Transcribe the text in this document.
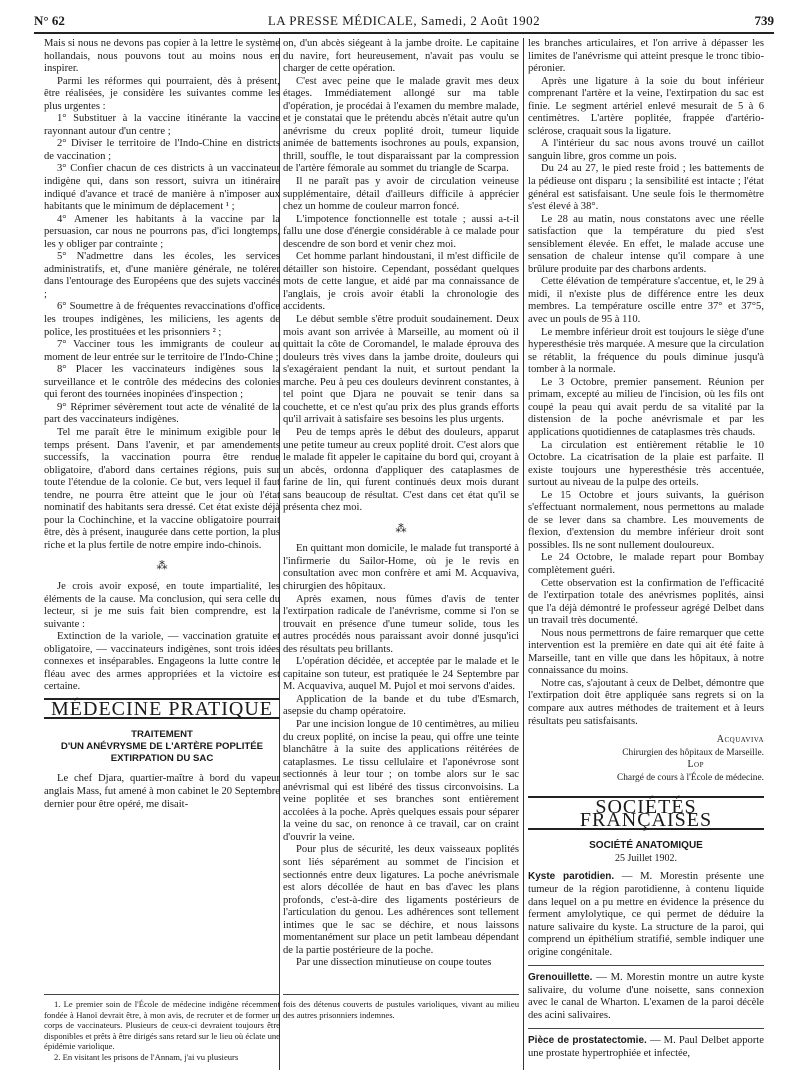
N° 62	LA PRESSE MÉDICALE, Samedi, 2 Août 1902	739

Mais si nous ne devons pas copier à la lettre le système hollandais, nous pouvons tout au moins nous en inspirer.

Parmi les réformes qui pourraient, dès à présent, être réalisées, je considère les suivantes comme les plus urgentes :

1° Substituer à la vaccine itinérante la vaccine rayonnant autour d'un centre ;

2° Diviser le territoire de l'Indo-Chine en districts de vaccination ;

3° Confier chacun de ces districts à un vaccinateur indigène qui, dans son ressort, suivra un itinéraire indiqué d'avance et tracé de manière à n'imposer aux habitants que le minimum de déplacement ¹ ;

4° Amener les habitants à la vaccine par la persuasion, car nous ne pourrons pas, d'ici longtemps, les y obliger par contrainte ;

5° N'admettre dans les écoles, les services administratifs, et, d'une manière générale, ne tolérer dans l'entourage des Européens que des sujets vaccinés ;

6° Soumettre à de fréquentes revaccinations d'office les troupes indigènes, les miliciens, les agents de police, les prostituées et les prisonniers ² ;

7° Vacciner tous les immigrants de couleur au moment de leur entrée sur le territoire de l'Indo-Chine ;

8° Placer les vaccinateurs indigènes sous la surveillance et le contrôle des médecins des colonies qui feront des tournées inopinées d'inspection ;

9° Réprimer sévèrement tout acte de vénalité de la part des vaccinateurs indigènes.

Tel me paraît être le minimum exigible pour le temps présent. Dans l'avenir, et par amendements successifs, la vaccination pourra être rendue obligatoire, d'abord dans certaines régions, puis sur toute l'étendue de la colonie. Ce but, vers lequel il faut tendre, ne pourra être atteint que le jour où l'état nominatif des habitants sera dressé. Cet état existe déjà pour la Cochinchine, et la vaccine obligatoire pourrait être, dès à présent, inaugurée dans cette portion, la plus riche et la plus fertile de notre empire indo-chinois.

⁂

Je crois avoir exposé, en toute impartialité, les éléments de la cause. Ma conclusion, qui sera celle du lecteur, si je me suis fait bien comprendre, est la suivante :

Extinction de la variole, — vaccination gratuite et obligatoire, — vaccinateurs indigènes, sont trois idées connexes et inséparables. Engageons la lutte contre le fléau avec des armes appropriées et la victoire est certaine.

MÉDECINE PRATIQUE
TRAITEMENT
D'UN ANÉVRYSME DE L'ARTÈRE POPLITÉE
EXTIRPATION DU SAC

Le chef Djara, quartier-maître à bord du vapeur anglais Mass, fut amené à mon cabinet le 20 Septembre dernier pour être opéré, me disait-

on, d'un abcès siégeant à la jambe droite. Le capitaine du navire, fort heureusement, n'avait pas voulu se charger de cette opération.

C'est avec peine que le malade gravit mes deux étages. Immédiatement allongé sur ma table d'opération, je procédai à l'examen du membre malade, et je constatai que le prétendu abcès n'était autre qu'un anévrisme du creux poplité droit, tumeur liquide animée de battements isochrones au pouls, expansion, thrill, souffle, le tout disparaissant par la compression de l'artère fémorale au sommet du triangle de Scarpa.

Il ne paraît pas y avoir de circulation veineuse supplémentaire, détail d'ailleurs difficile à apprécier chez un homme de couleur marron foncé.

L'impotence fonctionnelle est totale ; aussi a-t-il fallu une dose d'énergie considérable à ce malade pour descendre de son bord et venir chez moi.

Cet homme parlant hindoustani, il m'est difficile de détailler son histoire. Cependant, possédant quelques mots de cette langue, et aidé par ma connaissance de l'anglais, je crois avoir établi la chronologie des accidents.

Le début semble s'être produit soudainement. Deux mois avant son arrivée à Marseille, au moment où il quittait la côte de Coromandel, le malade éprouva des douleurs très vives dans la jambe droite, douleurs qui s'exagéraient pendant la nuit, et surtout pendant la marche. Peu à peu ces douleurs devinrent constantes, à tel point que Djara ne pouvait se tenir dans sa couchette, et ce n'est qu'au prix des plus grands efforts qu'il arrivait à satisfaire ses besoins les plus urgents.

Peu de temps après le début des douleurs, apparut une petite tumeur au creux poplité droit. C'est alors que le malade fit appeler le capitaine du bord qui, croyant à un abcès, ordonna d'appliquer des cataplasmes de farine de lin, qui furent continués deux mois durant sans beaucoup de résultat. C'est dans cet état qu'il se présenta chez moi.

⁂

En quittant mon domicile, le malade fut transporté à l'infirmerie du Sailor-Home, où je le revis en consultation avec mon confrère et ami M. Acquaviva, chirurgien des hôpitaux.

Après examen, nous fûmes d'avis de tenter l'extirpation radicale de l'anévrisme, comme si l'on se trouvait en présence d'une tumeur solide, tous les autres procédés nous paraissant avoir donné jusqu'ici des résultats peu brillants.

L'opération décidée, et acceptée par le malade et le capitaine son tuteur, est pratiquée le 24 Septembre par M. Acquaviva, auquel M. Pujol et moi servons d'aides.

Application de la bande et du tube d'Esmarch, asepsie du champ opératoire.

Par une incision longue de 10 centimètres, au milieu du creux poplité, on incise la peau, qui offre une teinte blanchâtre à la suite des applications réitérées de cataplasmes. Le tissu cellulaire et l'aponévrose sont sectionnés à leur tour ; on tombe alors sur le sac anévrismal qui est libéré des tissus circonvoisins. La veine poplitée et ses branches sont entièrement accolées à la poche. Après quelques essais pour séparer la veine du sac, on renonce à ce travail, car on craint d'ouvrir la veine.

Pour plus de sécurité, les deux vaisseaux poplités sont liés séparément au sommet de l'incision et sectionnés entre deux ligatures. La poche anévrismale est alors décollée de haut en bas d'avec les plans profonds, c'est-à-dire des ligaments postérieurs de l'articulation du genou. Les adhérences sont tellement intimes que le sac se déchire, et nous laissons momentanément sur place un petit lambeau dépendant de la partie postérieure de la poche.

Par une dissection minutieuse on coupe toutes

les branches articulaires, et l'on arrive à dépasser les limites de l'anévrisme qui atteint presque le tronc tibio-péronier.

Après une ligature à la soie du bout inférieur comprenant l'artère et la veine, l'extirpation du sac est finie. Le segment artériel enlevé mesurait de 5 à 6 centimètres. L'artère poplitée, frappée d'artério-sclérose, craquait sous la ligature.

A l'intérieur du sac nous avons trouvé un caillot sanguin libre, gros comme un pois.

Du 24 au 27, le pied reste froid ; les battements de la pédieuse ont disparu ; la sensibilité est intacte ; l'état général est satisfaisant. Une seule fois le thermomètre s'est élevé à 38°.

Le 28 au matin, nous constatons avec une réelle satisfaction que la température du pied s'est sensiblement élevée. En effet, le malade accuse une sensation de chaleur intense qu'il compare à une brûlure produite par des charbons ardents.

Cette élévation de température s'accentue, et, le 29 à midi, il n'existe plus de différence entre les deux membres. La température oscille entre 37° et 37°5, avec un pouls de 95 à 110.

Le membre inférieur droit est toujours le siège d'une hyperesthésie très marquée. A mesure que la circulation se rétablit, la fréquence du pouls diminue jusqu'à tomber à la normale.

Le 3 Octobre, premier pansement. Réunion per primam, excepté au milieu de l'incision, où les fils ont coupé la peau qui avait perdu de sa vitalité par la distension de la poche anévrismale et par les applications quotidiennes de cataplasmes très chauds.

La circulation est entièrement rétablie le 10 Octobre. La cicatrisation de la plaie est parfaite. Il existe toujours une hyperesthésie très accentuée, surtout au niveau de la pulpe des orteils.

Le 15 Octobre et jours suivants, la guérison s'effectuant normalement, nous permettons au malade de se lever dans sa chambre. Les mouvements de flexion, d'extension du membre inférieur droit sont possibles. Ils ne sont nullement douloureux.

Le 24 Octobre, le malade repart pour Bombay complètement guéri.

Cette observation est la confirmation de l'efficacité de l'extirpation totale des anévrismes poplités, ainsi que l'a déjà démontré le professeur agrégé Delbet dans un travail très documenté.

Nous nous permettrons de faire remarquer que cette intervention est la première en date qui ait été faite à Marseille, tant en ville que dans les hôpitaux, à notre connaissance du moins.

Notre cas, s'ajoutant à ceux de Delbet, démontre que l'extirpation doit être appliquée sans regrets si on la compare aux autres méthodes de traitement et à leurs résultats peu satisfaisants.

Acquaviva
Chirurgien des hôpitaux de Marseille.
Lop
Chargé de cours à l'École de médecine.
SOCIÉTÉS FRANÇAISES
SOCIÉTÉ ANATOMIQUE
25 Juillet 1902.

Kyste parotidien. — M. Morestin présente une tumeur de la région parotidienne, à contenu liquide dans lequel on a pu mettre en évidence la présence du ferment amylolytique, ce qui permet de déduire la nature salivaire du kyste. La structure de la paroi, qui comprend un épithélium stratifié, semble indiquer une origine congénitale.

Grenouillette. — M. Morestin montre un autre kyste salivaire, du volume d'une noisette, sans connexion avec le canal de Wharton. L'examen de la paroi décèle des acini salivaires.

Pièce de prostatectomie. — M. Paul Delbet apporte une prostate hypertrophiée et infectée,

1. Le premier soin de l'École de médecine indigène récemment fondée à Hanoï devrait être, à mon avis, de recruter et de former un corps de vaccinateurs. Plusieurs de ceux-ci devraient toujours être disponibles et prêts à être dirigés sans retard sur le lieu où éclate une épidémie variolique.

2. En visitant les prisons de l'Annam, j'ai vu plusieurs

fois des détenus couverts de pustules varioliques, vivant au milieu des autres prisonniers indemnes.
